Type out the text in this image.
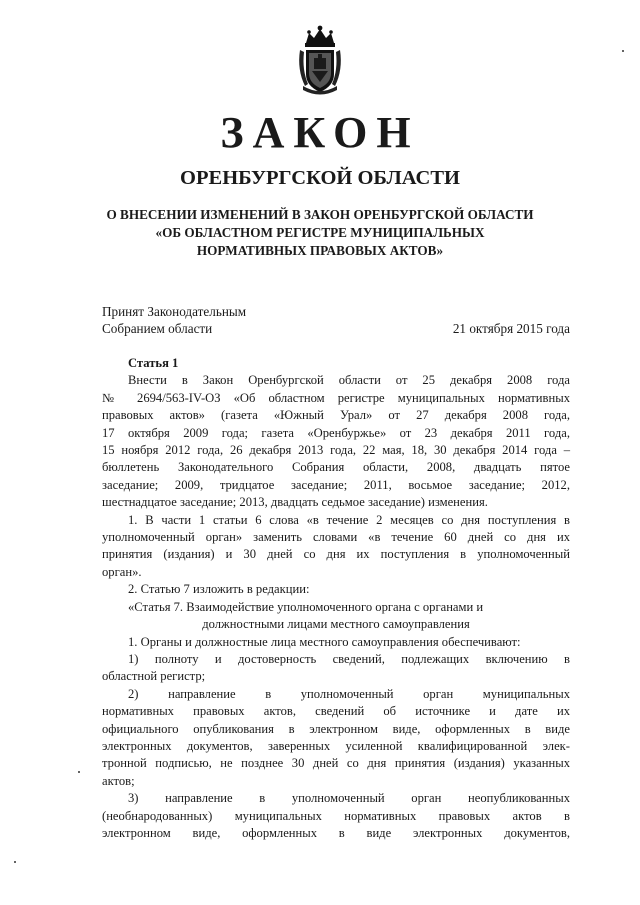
ЗАКОН
ОРЕНБУРГСКОЙ ОБЛАСТИ
О ВНЕСЕНИИ ИЗМЕНЕНИЙ В ЗАКОН ОРЕНБУРГСКОЙ ОБЛАСТИ
«ОБ ОБЛАСТНОМ РЕГИСТРЕ МУНИЦИПАЛЬНЫХ
НОРМАТИВНЫХ ПРАВОВЫХ АКТОВ»
Принят Законодательным
Собранием области	21 октября 2015 года

Статья 1

Внести в Закон Оренбургской области от 25 декабря 2008 года

№ 2694/563-IV-ОЗ «Об областном регистре муниципальных нормативных

правовых актов» (газета «Южный Урал» от 27 декабря 2008 года,

17 октября 2009 года; газета «Оренбуржье» от 23 декабря 2011 года,

15 ноября 2012 года, 26 декабря 2013 года, 22 мая, 18, 30 декабря 2014 года –

бюллетень Законодательного Собрания области, 2008, двадцать пятое

заседание; 2009, тридцатое заседание; 2011, восьмое заседание; 2012,

шестнадцатое заседание; 2013, двадцать седьмое заседание) изменения.

1. В части 1 статьи 6 слова «в течение 2 месяцев со дня поступления в

уполномоченный орган» заменить словами «в течение 60 дней со дня их

принятия (издания) и 30 дней со дня их поступления в уполномоченный

орган».

2. Статью 7 изложить в редакции:

«Статья 7. Взаимодействие уполномоченного органа с органами и

должностными лицами местного самоуправления

1. Органы и должностные лица местного самоуправления обеспечивают:

1) полноту и достоверность сведений, подлежащих включению в

областной регистр;

2) направление в уполномоченный орган муниципальных

нормативных правовых актов, сведений об источнике и дате их

официального опубликования в электронном виде, оформленных в виде

электронных документов, заверенных усиленной квалифицированной элек-

тронной подписью, не позднее 30 дней со дня принятия (издания) указанных

актов;

3) направление в уполномоченный орган неопубликованных

(необнародованных) муниципальных нормативных правовых актов в

электронном виде, оформленных в виде электронных документов,
